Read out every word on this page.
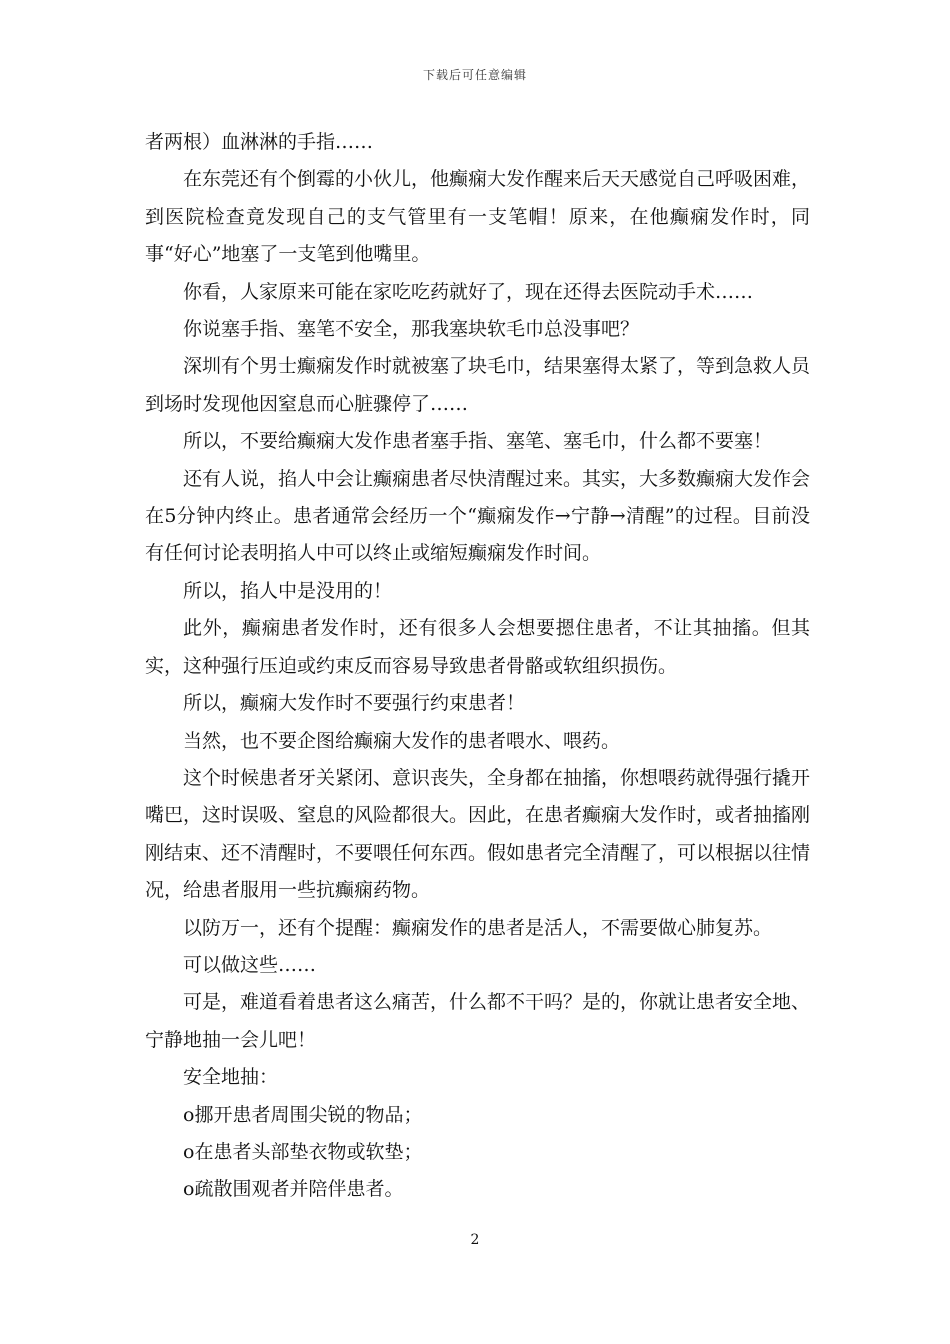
下载后可任意编辑

者两根）血淋淋的手指……

在东莞还有个倒霉的小伙儿，他癫痫大发作醒来后天天感觉自己呼吸困难，到医院检查竟发现自己的支气管里有一支笔帽！原来，在他癫痫发作时，同事“好心”地塞了一支笔到他嘴里。

你看，人家原来可能在家吃吃药就好了，现在还得去医院动手术……

你说塞手指、塞笔不安全，那我塞块软毛巾总没事吧？

深圳有个男士癫痫发作时就被塞了块毛巾，结果塞得太紧了，等到急救人员到场时发现他因窒息而心脏骤停了……

所以，不要给癫痫大发作患者塞手指、塞笔、塞毛巾，什么都不要塞！

还有人说，掐人中会让癫痫患者尽快清醒过来。其实，大多数癫痫大发作会在5分钟内终止。患者通常会经历一个“癫痫发作→宁静→清醒”的过程。目前没有任何讨论表明掐人中可以终止或缩短癫痫发作时间。

所以，掐人中是没用的！

此外，癫痫患者发作时，还有很多人会想要摁住患者，不让其抽搐。但其实，这种强行压迫或约束反而容易导致患者骨骼或软组织损伤。

所以，癫痫大发作时不要强行约束患者！

当然，也不要企图给癫痫大发作的患者喂水、喂药。

这个时候患者牙关紧闭、意识丧失，全身都在抽搐，你想喂药就得强行撬开嘴巴，这时误吸、窒息的风险都很大。因此，在患者癫痫大发作时，或者抽搐刚刚结束、还不清醒时，不要喂任何东西。假如患者完全清醒了，可以根据以往情况，给患者服用一些抗癫痫药物。

以防万一，还有个提醒：癫痫发作的患者是活人，不需要做心肺复苏。

可以做这些……

可是，难道看着患者这么痛苦，什么都不干吗？是的，你就让患者安全地、宁静地抽一会儿吧！

安全地抽：

o挪开患者周围尖锐的物品；

o在患者头部垫衣物或软垫；

o疏散围观者并陪伴患者。

2
